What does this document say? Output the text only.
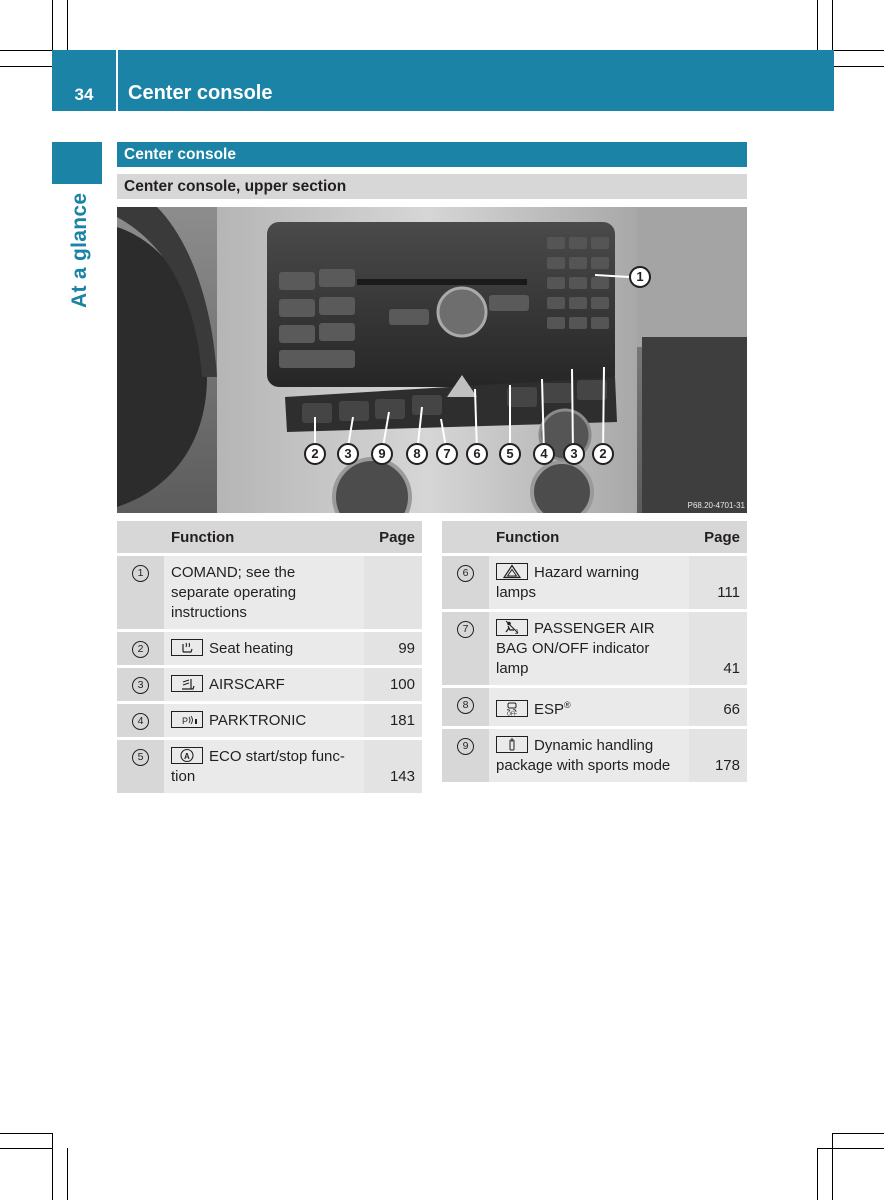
34	Center console
At a glance
Center console
Center console, upper section
P68.20-4701-31
1
2	3	9	8	7	6	5	4	3	2
	Function	Page
1	COMAND; see the separate operating instructions	
2	Seat heating	99
3	AIRSCARF	100
4	P PARKTRONIC	181
5	A ECO start/stop func-tion	143
	Function	Page
6	Hazard warning lamps	111
7	2 PASSENGER AIR BAG ON/OFF indicator lamp	41
8	OFF ESP®	66
9	Dynamic handling package with sports mode	178
